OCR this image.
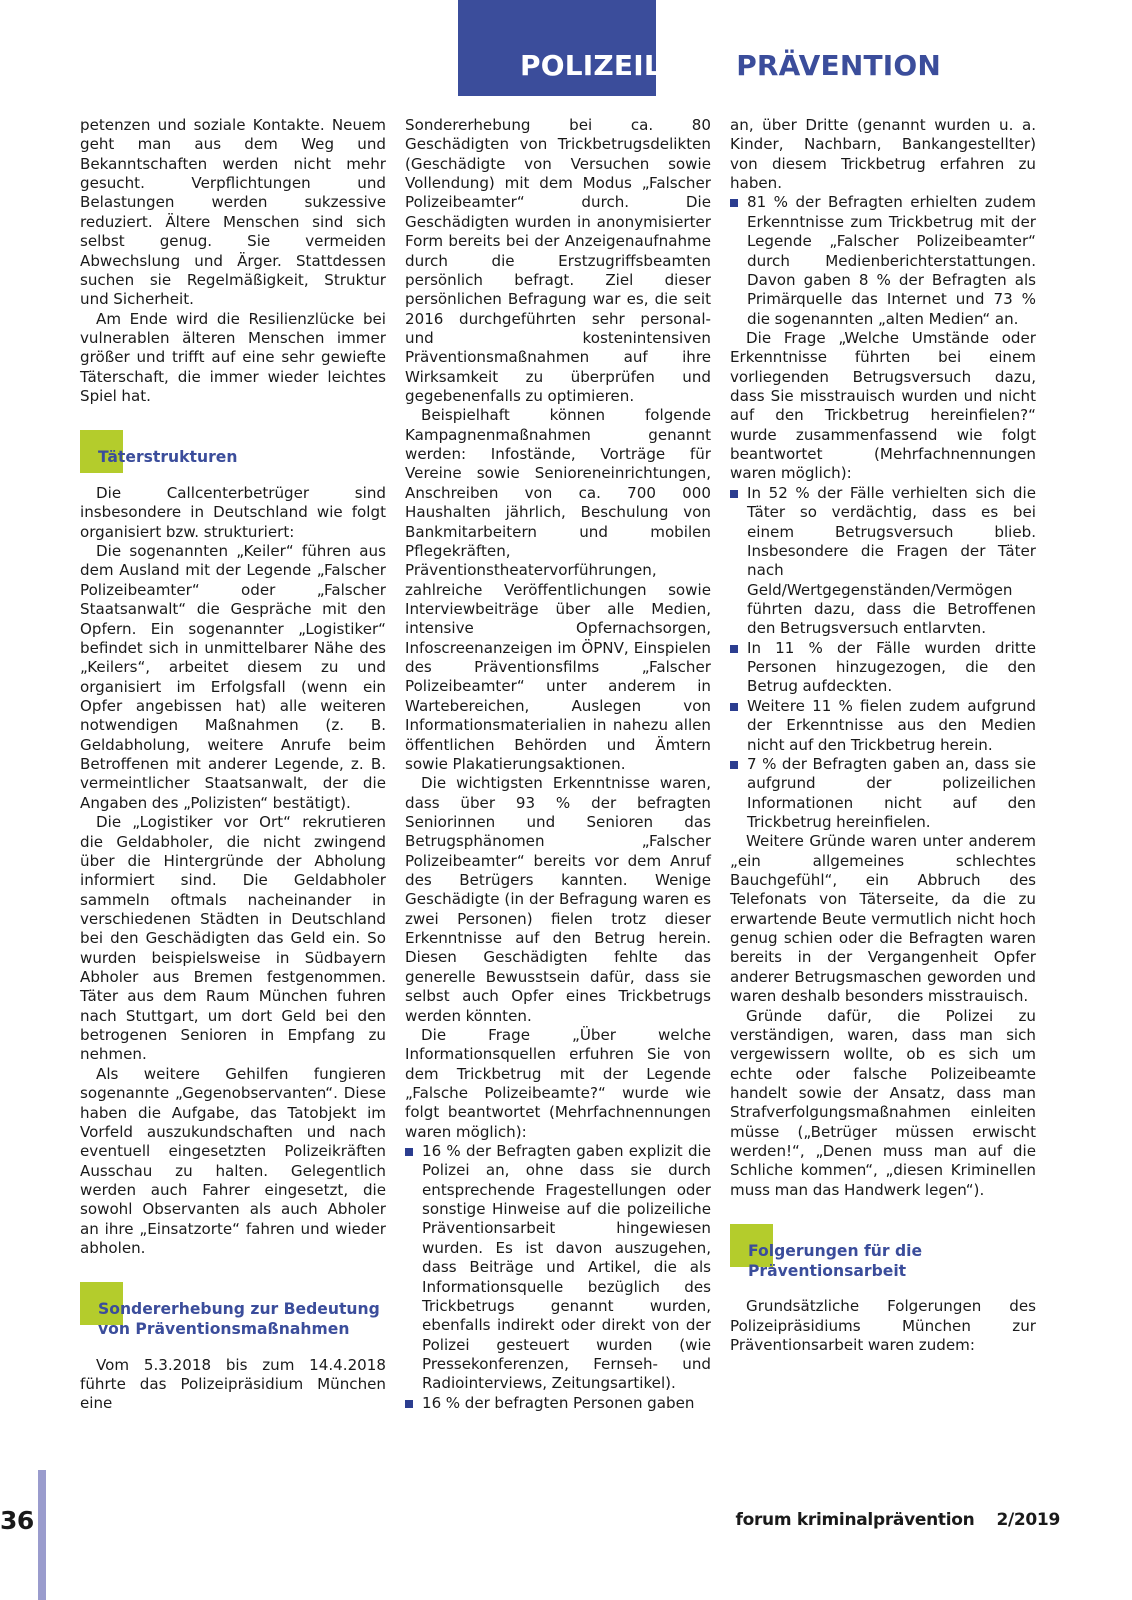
POLIZEILICHEPRÄVENTION

petenzen und soziale Kontakte. Neuem geht man aus dem Weg und Bekanntschaften werden nicht mehr gesucht. Verpflichtungen und Belastungen werden sukzessive reduziert. Ältere Menschen sind sich selbst genug. Sie vermeiden Abwechslung und Ärger. Stattdessen suchen sie Regelmäßigkeit, Struktur und Sicherheit.

Am Ende wird die Resilienzlücke bei vulnerablen älteren Menschen immer größer und trifft auf eine sehr gewiefte Täterschaft, die immer wieder leichtes Spiel hat.

Täterstrukturen

Die Callcenterbetrüger sind insbesondere in Deutschland wie folgt organisiert bzw. strukturiert:

Die sogenannten „Keiler“ führen aus dem Ausland mit der Legende „Falscher Polizeibeamter“ oder „Falscher Staatsanwalt“ die Gespräche mit den Opfern. Ein sogenannter „Logistiker“ befindet sich in unmittelbarer Nähe des „Keilers“, arbeitet diesem zu und organisiert im Erfolgsfall (wenn ein Opfer angebissen hat) alle weiteren notwendigen Maßnahmen (z. B. Geldabholung, weitere Anrufe beim Betroffenen mit anderer Legende, z. B. vermeintlicher Staatsanwalt, der die Angaben des „Polizisten“ bestätigt).

Die „Logistiker vor Ort“ rekrutieren die Geldabholer, die nicht zwingend über die Hintergründe der Abholung informiert sind. Die Geldabholer sammeln oftmals nacheinander in verschiedenen Städten in Deutschland bei den Geschädigten das Geld ein. So wurden beispielsweise in Südbayern Abholer aus Bremen festgenommen. Täter aus dem Raum München fuhren nach Stuttgart, um dort Geld bei den betrogenen Senioren in Empfang zu nehmen.

Als weitere Gehilfen fungieren sogenannte „Gegenobservanten“. Diese haben die Aufgabe, das Tatobjekt im Vorfeld auszukundschaften und nach eventuell eingesetzten Polizeikräften Ausschau zu halten. Gelegentlich werden auch Fahrer eingesetzt, die sowohl Observanten als auch Abholer an ihre „Einsatzorte“ fahren und wieder abholen.

Sondererhebung zur Bedeutung
von Präventionsmaßnahmen

Vom 5.3.2018 bis zum 14.4.2018 führte das Polizeipräsidium München eine

Sondererhebung bei ca. 80 Geschädigten von Trickbetrugsdelikten (Geschädigte von Versuchen sowie Vollendung) mit dem Modus „Falscher Polizeibeamter“ durch. Die Geschädigten wurden in anonymisierter Form bereits bei der Anzeigenaufnahme durch die Erstzugriffsbeamten persönlich befragt. Ziel dieser persönlichen Befragung war es, die seit 2016 durchgeführten sehr personal- und kostenintensiven Präventionsmaßnahmen auf ihre Wirksamkeit zu überprüfen und gegebenenfalls zu optimieren.

Beispielhaft können folgende Kampagnenmaßnahmen genannt werden: Infostände, Vorträge für Vereine sowie Senioreneinrichtungen, Anschreiben von ca. 700 000 Haushalten jährlich, Beschulung von Bankmitarbeitern und mobilen Pflegekräften, Präventionstheatervorführungen, zahlreiche Veröffentlichungen sowie Interviewbeiträge über alle Medien, intensive Opfernachsorgen, Infoscreenanzeigen im ÖPNV, Einspielen des Präventionsfilms „Falscher Polizeibeamter“ unter anderem in Wartebereichen, Auslegen von Informationsmaterialien in nahezu allen öffentlichen Behörden und Ämtern sowie Plakatierungsaktionen.

Die wichtigsten Erkenntnisse waren, dass über 93 % der befragten Seniorinnen und Senioren das Betrugsphänomen „Falscher Polizeibeamter“ bereits vor dem Anruf des Betrügers kannten. Wenige Geschädigte (in der Befragung waren es zwei Personen) fielen trotz dieser Erkenntnisse auf den Betrug herein. Diesen Geschädigten fehlte das generelle Bewusstsein dafür, dass sie selbst auch Opfer eines Trickbetrugs werden könnten.

Die Frage „Über welche Informationsquellen erfuhren Sie von dem Trickbetrug mit der Legende „Falsche Polizeibeamte?“ wurde wie folgt beantwortet (Mehrfachnennungen waren möglich):

16 % der Befragten gaben explizit die Polizei an, ohne dass sie durch entsprechende Fragestellungen oder sonstige Hinweise auf die polizeiliche Präventionsarbeit hingewiesen wurden. Es ist davon auszugehen, dass Beiträge und Artikel, die als Informationsquelle bezüglich des Trickbetrugs genannt wurden, ebenfalls indirekt oder direkt von der Polizei gesteuert wurden (wie Pressekonferenzen, Fernseh- und Radiointerviews, Zeitungsartikel).
16 % der befragten Personen gaben

an, über Dritte (genannt wurden u. a. Kinder, Nachbarn, Bankangestellter) von diesem Trickbetrug erfahren zu haben.

81 % der Befragten erhielten zudem Erkenntnisse zum Trickbetrug mit der Legende „Falscher Polizeibeamter“ durch Medienberichterstattungen. Davon gaben 8 % der Befragten als Primärquelle das Internet und 73 % die sogenannten „alten Medien“ an.

Die Frage „Welche Umstände oder Erkenntnisse führten bei einem vorliegenden Betrugsversuch dazu, dass Sie misstrauisch wurden und nicht auf den Trickbetrug hereinfielen?“ wurde zusammenfassend wie folgt beantwortet (Mehrfachnennungen waren möglich):

In 52 % der Fälle verhielten sich die Täter so verdächtig, dass es bei einem Betrugsversuch blieb. Insbesondere die Fragen der Täter nach Geld/Wertgegenständen/Vermögen führten dazu, dass die Betroffenen den Betrugsversuch entlarvten.
In 11 % der Fälle wurden dritte Personen hinzugezogen, die den Betrug aufdeckten.
Weitere 11 % fielen zudem aufgrund der Erkenntnisse aus den Medien nicht auf den Trickbetrug herein.
7 % der Befragten gaben an, dass sie aufgrund der polizeilichen Informationen nicht auf den Trickbetrug hereinfielen.

Weitere Gründe waren unter anderem „ein allgemeines schlechtes Bauchgefühl“, ein Abbruch des Telefonats von Täterseite, da die zu erwartende Beute vermutlich nicht hoch genug schien oder die Befragten waren bereits in der Vergangenheit Opfer anderer Betrugsmaschen geworden und waren deshalb besonders misstrauisch.

Gründe dafür, die Polizei zu verständigen, waren, dass man sich vergewissern wollte, ob es sich um echte oder falsche Polizeibeamte handelt sowie der Ansatz, dass man Strafverfolgungsmaßnahmen einleiten müsse („Betrüger müssen erwischt werden!“, „Denen muss man auf die Schliche kommen“, „diesen Kriminellen muss man das Handwerk legen“).

Folgerungen für die
Präventionsarbeit

Grundsätzliche Folgerungen des Polizeipräsidiums München zur Präventionsarbeit waren zudem:

36	forum kriminalprävention 2/2019
